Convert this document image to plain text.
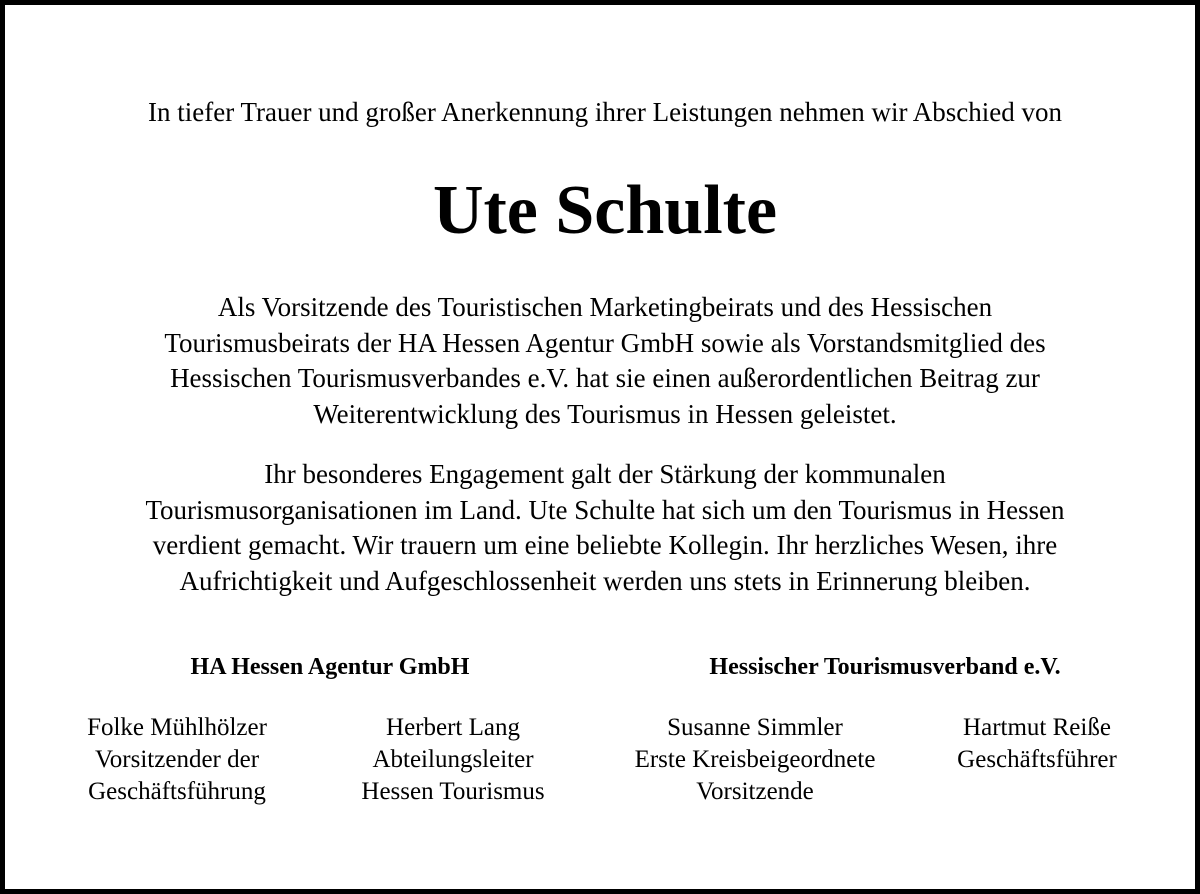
In tiefer Trauer und großer Anerkennung ihrer Leistungen nehmen wir Abschied von
Ute Schulte
Als Vorsitzende des Touristischen Marketingbeirats und des Hessischen
Tourismusbeirats der HA Hessen Agentur GmbH sowie als Vorstandsmitglied des
Hessischen Tourismusverbandes e.V. hat sie einen außerordentlichen Beitrag zur
Weiterentwicklung des Tourismus in Hessen geleistet.
Ihr besonderes Engagement galt der Stärkung der kommunalen
Tourismusorganisationen im Land. Ute Schulte hat sich um den Tourismus in Hessen
verdient gemacht. Wir trauern um eine beliebte Kollegin. Ihr herzliches Wesen, ihre
Aufrichtigkeit und Aufgeschlossenheit werden uns stets in Erinnerung bleiben.
HA Hessen Agentur GmbH	Hessischer Tourismusverband e.V.
Folke Mühlhölzer
Vorsitzender der
Geschäftsführung
Herbert Lang
Abteilungsleiter
Hessen Tourismus
Susanne Simmler
Erste Kreisbeigeordnete
Vorsitzende
Hartmut Reiße
Geschäftsführer
